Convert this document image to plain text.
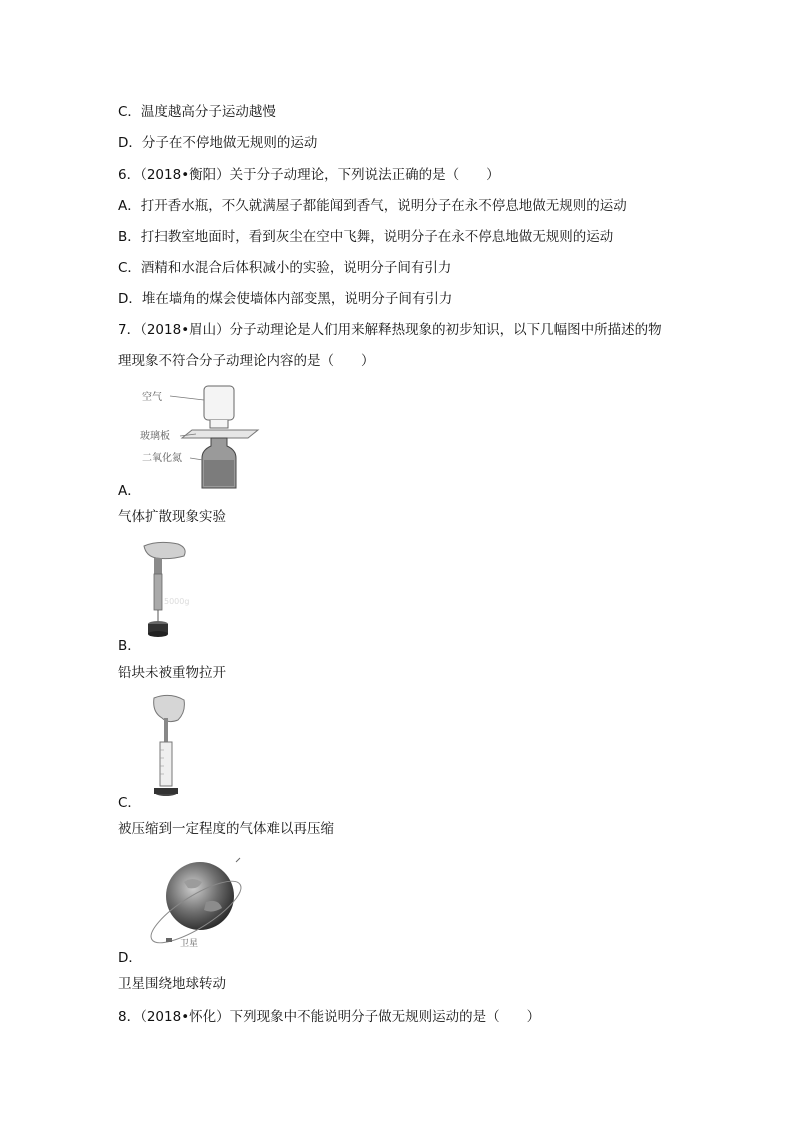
C．温度越高分子运动越慢
D．分子在不停地做无规则的运动
6．（2018•衡阳）关于分子动理论，下列说法正确的是（　　）
A．打开香水瓶，不久就满屋子都能闻到香气，说明分子在永不停息地做无规则的运动
B．打扫教室地面时，看到灰尘在空中飞舞，说明分子在永不停息地做无规则的运动
C．酒精和水混合后体积减小的实验，说明分子间有引力
D．堆在墙角的煤会使墙体内部变黑，说明分子间有引力
7．（2018•眉山）分子动理论是人们用来解释热现象的初步知识，以下几幅图中所描述的物
理现象不符合分子动理论内容的是（　　）
空气
玻璃板
二氧化氮
A．
气体扩散现象实验
5000g
B．
铅块未被重物拉开
C．
被压缩到一定程度的气体难以再压缩
卫星
D．
卫星围绕地球转动
8．（2018•怀化）下列现象中不能说明分子做无规则运动的是（　　）
